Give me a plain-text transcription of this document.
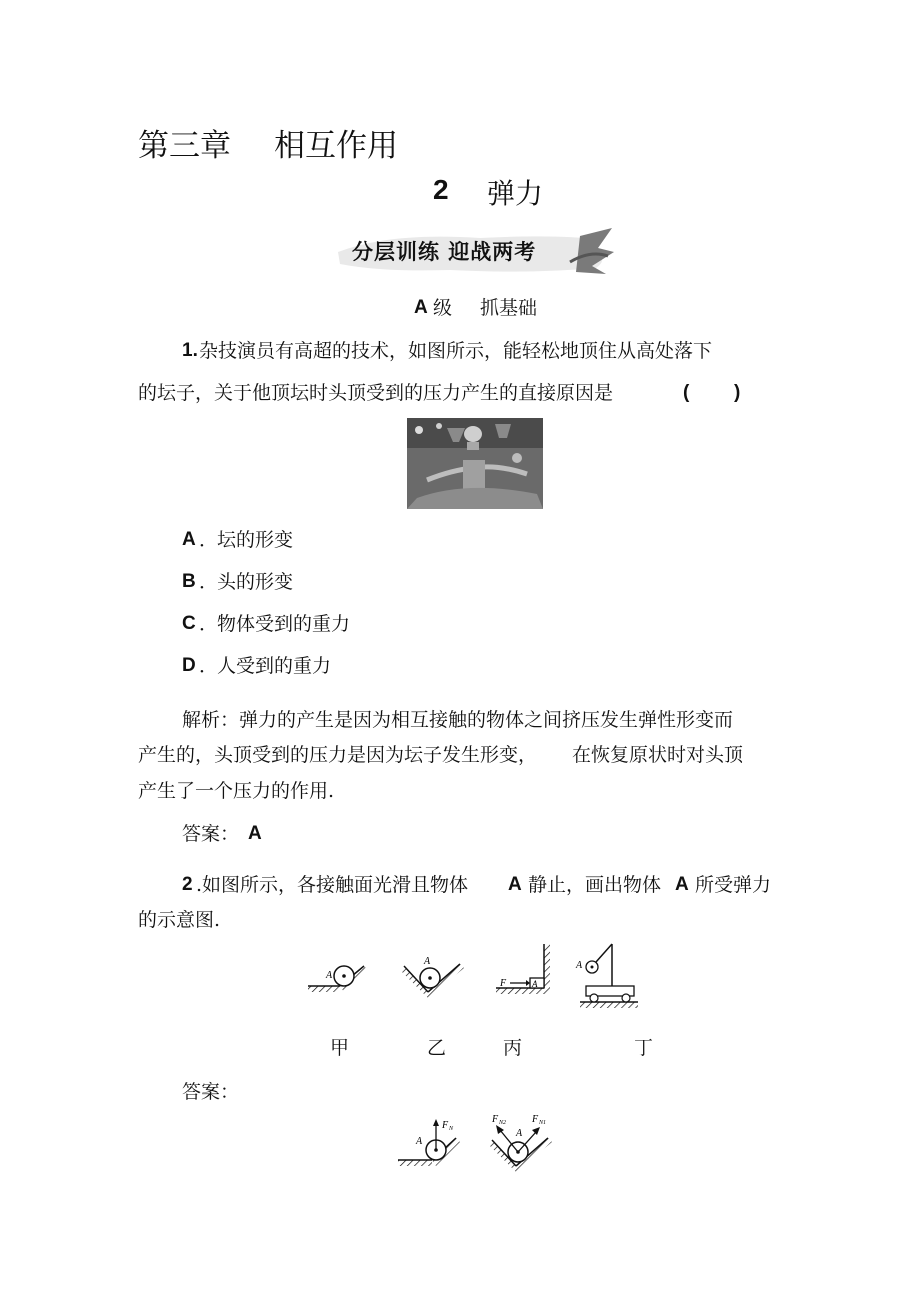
第三章 相互作用
2 弹力
分层训练 迎战两考
A 级 抓基础
1. 杂技演员有高超的技术，如图所示，能轻松地顶住从高处落下
的坛子，关于他顶坛时头顶受到的压力产生的直接原因是	( )
A ．
坛的形变
B ．
头的形变
C ．
物体受到的重力
D ．
人受到的重力
解析：弹力的产生是因为相互接触的物体之间挤压发生弹性形变而
产生的，头顶受到的压力是因为坛子发生形变， 在恢复原状时对头顶
产生了一个压力的作用.
答案： A
2 .如图所示，各接触面光滑且物体 A 静止，画出物体 A 所受弹力
的示意图.
A
A
A
F
A
甲	乙	丙	丁
答案：
A
F N	A
F N2	F N1
